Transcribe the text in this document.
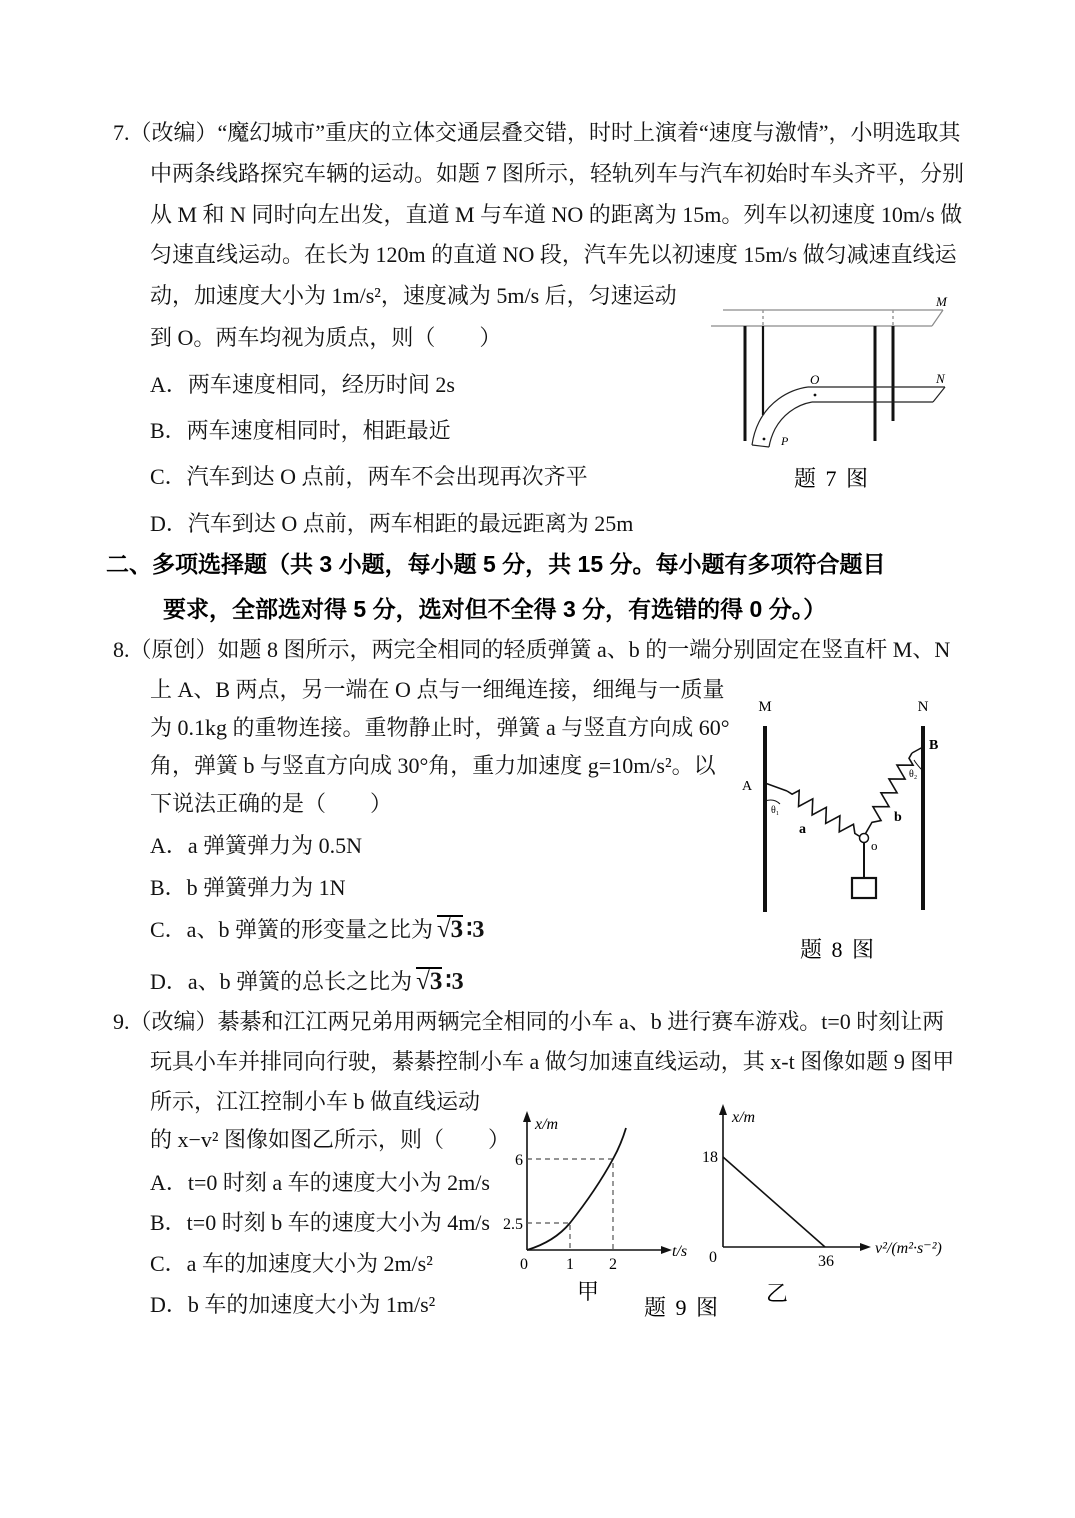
7.（改编）“魔幻城市”重庆的立体交通层叠交错，时时上演着“速度与激情”，小明选取其
中两条线路探究车辆的运动。如题 7 图所示，轻轨列车与汽车初始时车头齐平，分别
从 M 和 N 同时向左出发，直道 M 与车道 NO 的距离为 15m。列车以初速度 10m/s 做
匀速直线运动。在长为 120m 的直道 NO 段，汽车先以初速度 15m/s 做匀减速直线运
动，加速度大小为 1m/s²，速度减为 5m/s 后，匀速运动
到 O。两车均视为质点，则（　　）
A．两车速度相同，经历时间 2s
B．两车速度相同时，相距最近
C．汽车到达 O 点前，两车不会出现再次齐平
D．汽车到达 O 点前，两车相距的最远距离为 25m
M
N
O
P
题 7 图
二、多项选择题（共 3 小题，每小题 5 分，共 15 分。每小题有多项符合题目
要求，全部选对得 5 分，选对但不全得 3 分，有选错的得 0 分。）
8.（原创）如题 8 图所示，两完全相同的轻质弹簧 a、b 的一端分别固定在竖直杆 M、N
上 A、B 两点，另一端在 O 点与一细绳连接，细绳与一质量
为 0.1kg 的重物连接。重物静止时，弹簧 a 与竖直方向成 60°
角，弹簧 b 与竖直方向成 30°角，重力加速度 g=10m/s²。以
下说法正确的是（　　）
A．a 弹簧弹力为 0.5N
B．b 弹簧弹力为 1N
C．a、b 弹簧的形变量之比为 √3 ∶3
D．a、b 弹簧的总长之比为 √3 ∶3
M	N
A
B
θ₁
θ₂
a
b
o
题 8 图
9.（改编）綦綦和江江两兄弟用两辆完全相同的小车 a、b 进行赛车游戏。t=0 时刻让两
玩具小车并排同向行驶，綦綦控制小车 a 做匀加速直线运动，其 x-t 图像如题 9 图甲
所示，江江控制小车 b 做直线运动
的 x−v² 图像如图乙所示，则（　　）
A．t=0 时刻 a 车的速度大小为 2m/s
B．t=0 时刻 b 车的速度大小为 4m/s
C．a 车的加速度大小为 2m/s²
D．b 车的加速度大小为 1m/s²
x/m
t/s
6
2.5
0 1 2
x/m
v²/(m²·s⁻²)
18
0	36
甲	乙
题 9 图
